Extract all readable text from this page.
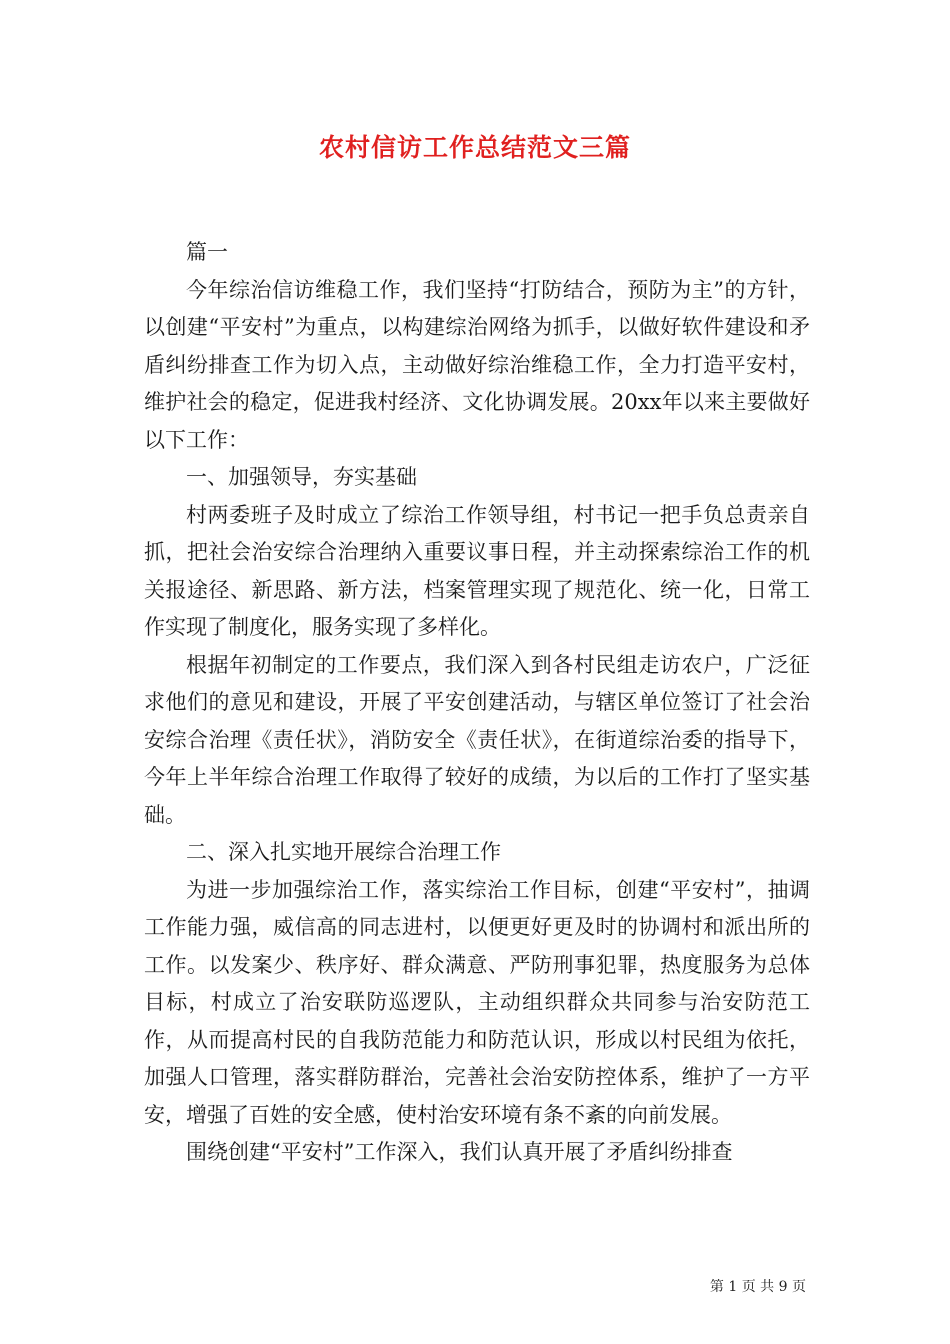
农村信访工作总结范文三篇

篇一

今年综治信访维稳工作，我们坚持“打防结合，预防为主”的方针，以创建“平安村”为重点，以构建综治网络为抓手，以做好软件建设和矛盾纠纷排查工作为切入点，主动做好综治维稳工作，全力打造平安村，维护社会的稳定，促进我村经济、文化协调发展。20xx年以来主要做好以下工作：

一、加强领导，夯实基础

村两委班子及时成立了综治工作领导组，村书记一把手负总责亲自抓，把社会治安综合治理纳入重要议事日程，并主动探索综治工作的机关报途径、新思路、新方法，档案管理实现了规范化、统一化，日常工作实现了制度化，服务实现了多样化。

根据年初制定的工作要点，我们深入到各村民组走访农户，广泛征求他们的意见和建设，开展了平安创建活动，与辖区单位签订了社会治安综合治理《责任状》，消防安全《责任状》，在街道综治委的指导下，今年上半年综合治理工作取得了较好的成绩，为以后的工作打了坚实基础。

二、深入扎实地开展综合治理工作

为进一步加强综治工作，落实综治工作目标，创建“平安村”，抽调工作能力强，威信高的同志进村，以便更好更及时的协调村和派出所的工作。以发案少、秩序好、群众满意、严防刑事犯罪，热度服务为总体目标，村成立了治安联防巡逻队，主动组织群众共同参与治安防范工作，从而提高村民的自我防范能力和防范认识，形成以村民组为依托，加强人口管理，落实群防群治，完善社会治安防控体系，维护了一方平安，增强了百姓的安全感，使村治安环境有条不紊的向前发展。

围绕创建“平安村”工作深入，我们认真开展了矛盾纠纷排查

第 1 页 共 9 页
